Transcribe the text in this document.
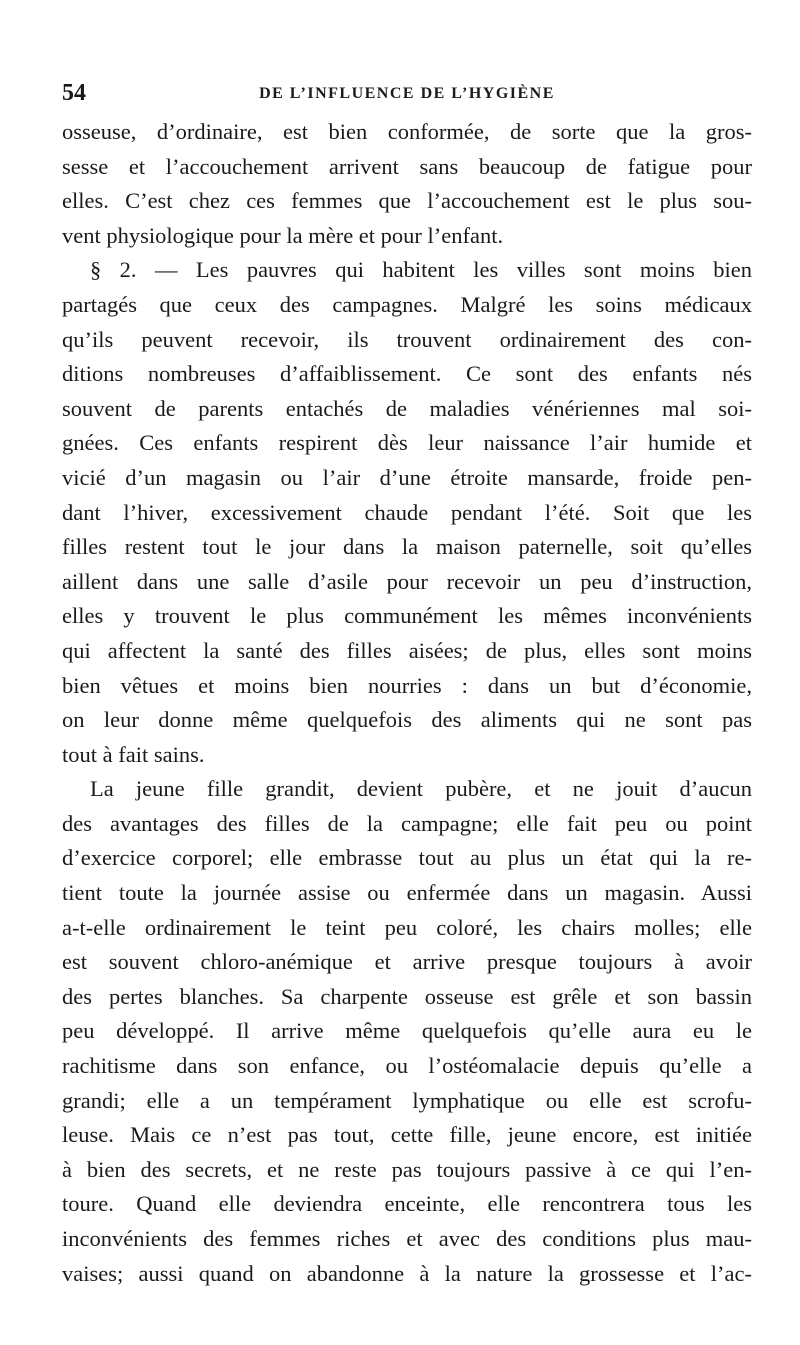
54	DE L’INFLUENCE DE L’HYGIÈNE
osseuse, d’ordinaire, est bien conformée, de sorte que la gros-
sesse et l’accouchement arrivent sans beaucoup de fatigue pour
elles. C’est chez ces femmes que l’accouchement est le plus sou-
vent physiologique pour la mère et pour l’enfant.
§ 2. — Les pauvres qui habitent les villes sont moins bien
partagés que ceux des campagnes. Malgré les soins médicaux
qu’ils peuvent recevoir, ils trouvent ordinairement des con-
ditions nombreuses d’affaiblissement. Ce sont des enfants nés
souvent de parents entachés de maladies vénériennes mal soi-
gnées. Ces enfants respirent dès leur naissance l’air humide et
vicié d’un magasin ou l’air d’une étroite mansarde, froide pen-
dant l’hiver, excessivement chaude pendant l’été. Soit que les
filles restent tout le jour dans la maison paternelle, soit qu’elles
aillent dans une salle d’asile pour recevoir un peu d’instruction,
elles y trouvent le plus communément les mêmes inconvénients
qui affectent la santé des filles aisées; de plus, elles sont moins
bien vêtues et moins bien nourries : dans un but d’économie,
on leur donne même quelquefois des aliments qui ne sont pas
tout à fait sains.
La jeune fille grandit, devient pubère, et ne jouit d’aucun
des avantages des filles de la campagne; elle fait peu ou point
d’exercice corporel; elle embrasse tout au plus un état qui la re-
tient toute la journée assise ou enfermée dans un magasin. Aussi
a-t-elle ordinairement le teint peu coloré, les chairs molles; elle
est souvent chloro-anémique et arrive presque toujours à avoir
des pertes blanches. Sa charpente osseuse est grêle et son bassin
peu développé. Il arrive même quelquefois qu’elle aura eu le
rachitisme dans son enfance, ou l’ostéomalacie depuis qu’elle a
grandi; elle a un tempérament lymphatique ou elle est scrofu-
leuse. Mais ce n’est pas tout, cette fille, jeune encore, est initiée
à bien des secrets, et ne reste pas toujours passive à ce qui l’en-
toure. Quand elle deviendra enceinte, elle rencontrera tous les
inconvénients des femmes riches et avec des conditions plus mau-
vaises; aussi quand on abandonne à la nature la grossesse et l’ac-
